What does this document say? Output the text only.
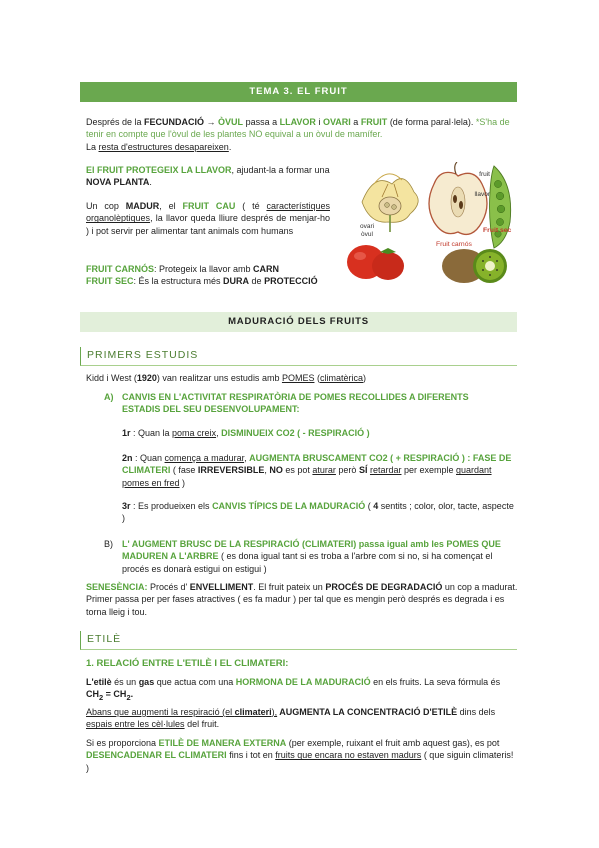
TEMA 3. EL FRUIT

Després de la FECUNDACIÓ → ÒVUL passa a LLAVOR i OVARI a FRUIT (de forma paral·lela). *S'ha de tenir en compte que l'òvul de les plantes NO equival a un òvul de mamífer.

La resta d'estructures desapareixen.

El FRUIT PROTEGEIX LA LLAVOR, ajudant-la a formar una NOVA PLANTA.

Un cop MADUR, el FRUIT CAU ( té característiques organolèptiques, la llavor queda lliure després de menjar-ho ) i pot servir per alimentar tant animals com humans

FRUIT CARNÓS: Protegeix la llavor amb CARN

FRUIT SEC: És la estructura més DURA de PROTECCIÓ

ovari
òvul
fruit
llavor
Fruit sec
Fruit carnós
MADURACIÓ DELS FRUITS
PRIMERS ESTUDIS

Kidd i West (1920) van realitzar uns estudis amb POMES (climatèrica)

A) CANVIS EN L'ACTIVITAT RESPIRATÒRIA DE POMES RECOLLIDES A DIFERENTS ESTADIS DEL SEU DESENVOLUPAMENT:

1r : Quan la poma creix, DISMINUEIX CO2 ( - RESPIRACIÓ )

2n : Quan comença a madurar, AUGMENTA BRUSCAMENT CO2 ( + RESPIRACIÓ ) : FASE DE CLIMATERI ( fase IRREVERSIBLE, NO es pot aturar però SÍ retardar per exemple guardant pomes en fred )

3r : Es produeixen els CANVIS TÍPICS DE LA MADURACIÓ ( 4 sentits ; color, olor, tacte, aspecte )

B) L' AUGMENT BRUSC DE LA RESPIRACIÓ (CLIMATERI) passa igual amb les POMES QUE MADUREN A L'ARBRE ( es dona igual tant si es troba a l'arbre com si no, si ha començat el procés es donarà estigui on estigui )

SENESÈNCIA: Procés d' ENVELLIMENT. El fruit pateix un PROCÉS DE DEGRADACIÓ un cop a madurat. Primer passa per per fases atractives ( es fa madur ) per tal que es mengin però després es degrada i es torna lleig i tou.

ETILÈ

1. RELACIÓ ENTRE L'ETILÈ I EL CLIMATERI:

L'etilè és un gas que actua com una HORMONA DE LA MADURACIÓ en els fruits. La seva fórmula és $CH_2 = CH_2$.

Abans que augmenti la respiració (el climateri), AUGMENTA LA CONCENTRACIÓ D'ETILÈ dins dels espais entre les cèl·lules del fruit.

Si es proporciona ETILÈ DE MANERA EXTERNA (per exemple, ruixant el fruit amb aquest gas), es pot DESENCADENAR EL CLIMATERI fins i tot en fruits que encara no estaven madurs ( que siguin climateris! )
